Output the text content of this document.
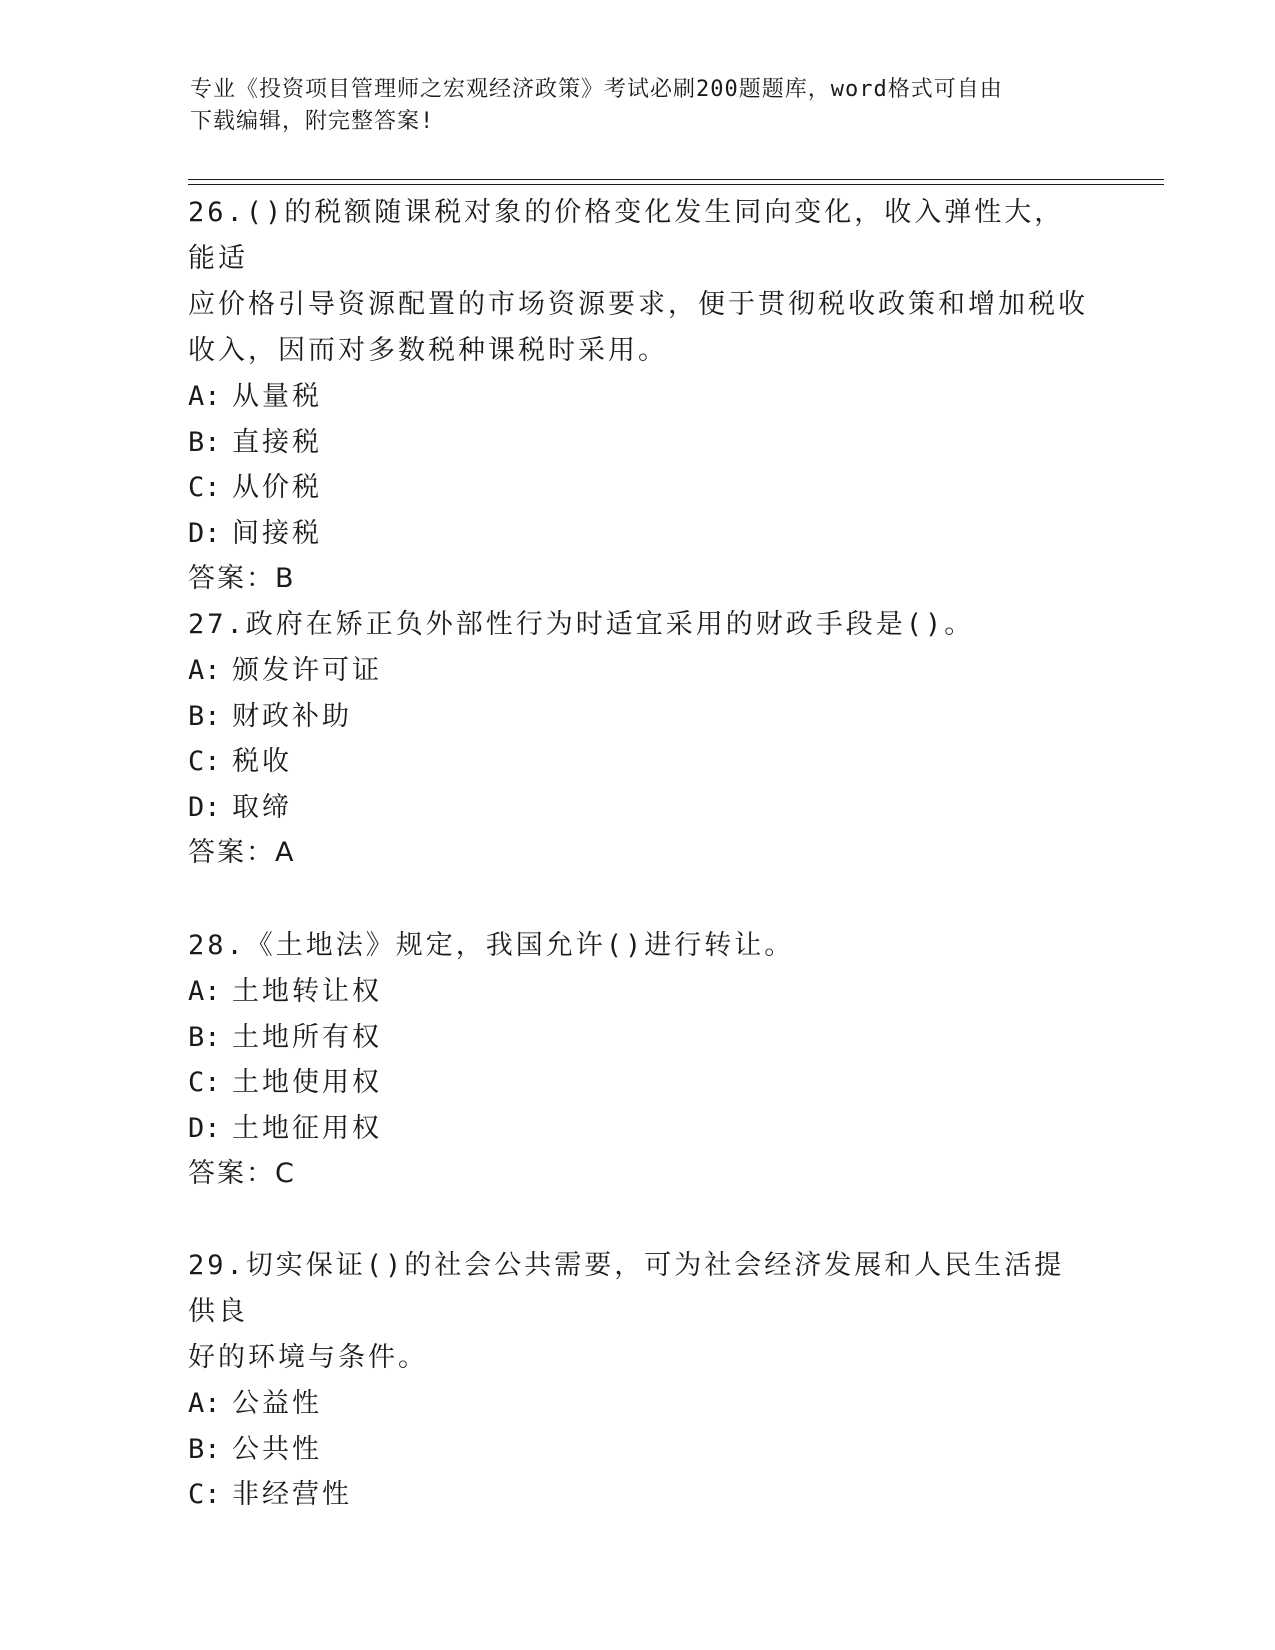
专业《投资项目管理师之宏观经济政策》考试必刷200题题库，word格式可自由
下载编辑，附完整答案!

26.()的税额随课税对象的价格变化发生同向变化，收入弹性大，能适

应价格引导资源配置的市场资源要求，便于贯彻税收政策和增加税收

收入，因而对多数税种课税时采用。

A: 从量税

B: 直接税

C: 从价税

D: 间接税

答案：B

27.政府在矫正负外部性行为时适宜采用的财政手段是()。

A: 颁发许可证

B: 财政补助

C: 税收

D: 取缔

答案：A

28.《土地法》规定，我国允许()进行转让。

A: 土地转让权

B: 土地所有权

C: 土地使用权

D: 土地征用权

答案：C

29.切实保证()的社会公共需要，可为社会经济发展和人民生活提供良

好的环境与条件。

A: 公益性

B: 公共性

C: 非经营性
